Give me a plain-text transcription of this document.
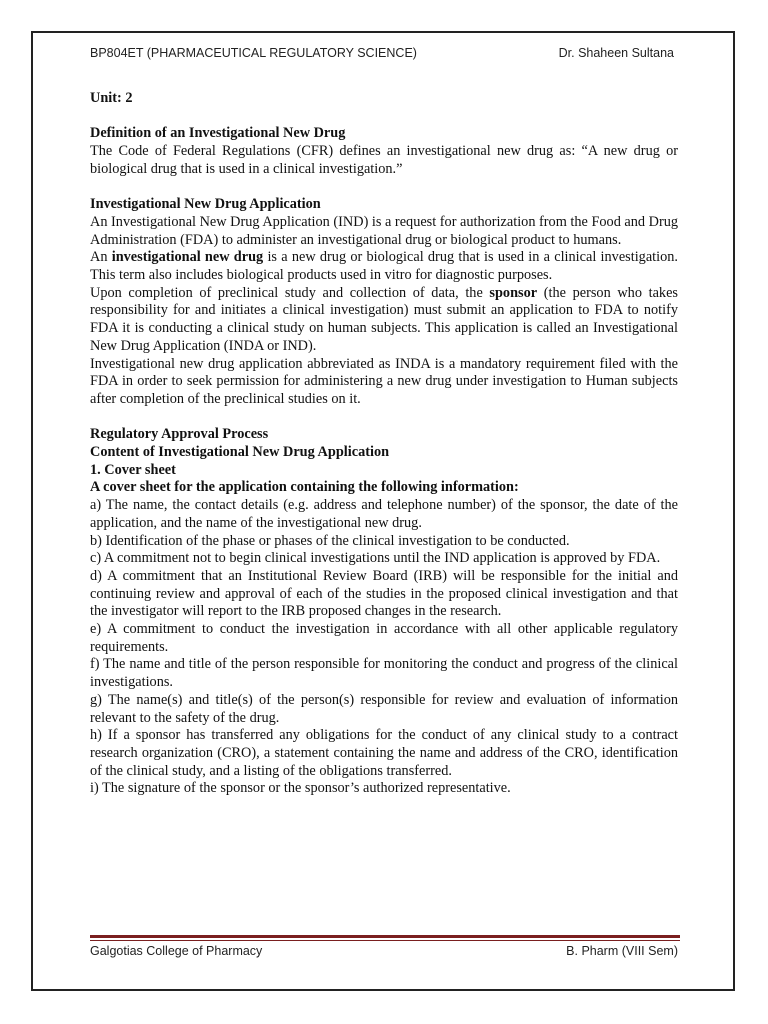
BP804ET (PHARMACEUTICAL REGULATORY SCIENCE)	Dr. Shaheen Sultana

Unit: 2

Definition of an Investigational New Drug

The Code of Federal Regulations (CFR) defines an investigational new drug as: “A new drug or biological drug that is used in a clinical investigation.”

Investigational New Drug Application

An Investigational New Drug Application (IND) is a request for authorization from the Food and Drug Administration (FDA) to administer an investigational drug or biological product to humans.

An investigational new drug is a new drug or biological drug that is used in a clinical investigation. This term also includes biological products used in vitro for diagnostic purposes.

Upon completion of preclinical study and collection of data, the sponsor (the person who takes responsibility for and initiates a clinical investigation) must submit an application to FDA to notify FDA it is conducting a clinical study on human subjects. This application is called an Investigational New Drug Application (INDA or IND).

Investigational new drug application abbreviated as INDA is a mandatory requirement filed with the FDA in order to seek permission for administering a new drug under investigation to Human subjects after completion of the preclinical studies on it.

Regulatory Approval Process

Content of Investigational New Drug Application

1. Cover sheet

A cover sheet for the application containing the following information:

a) The name, the contact details (e.g. address and telephone number) of the sponsor, the date of the application, and the name of the investigational new drug.

b) Identification of the phase or phases of the clinical investigation to be conducted.

c) A commitment not to begin clinical investigations until the IND application is approved by FDA.

d) A commitment that an Institutional Review Board (IRB) will be responsible for the initial and continuing review and approval of each of the studies in the proposed clinical investigation and that the investigator will report to the IRB proposed changes in the research.

e) A commitment to conduct the investigation in accordance with all other applicable regulatory requirements.

f) The name and title of the person responsible for monitoring the conduct and progress of the clinical investigations.

g) The name(s) and title(s) of the person(s) responsible for review and evaluation of information relevant to the safety of the drug.

h) If a sponsor has transferred any obligations for the conduct of any clinical study to a contract research organization (CRO), a statement containing the name and address of the CRO, identification of the clinical study, and a listing of the obligations transferred.

i) The signature of the sponsor or the sponsor’s authorized representative.

Galgotias College of Pharmacy	B. Pharm (VIII Sem)
